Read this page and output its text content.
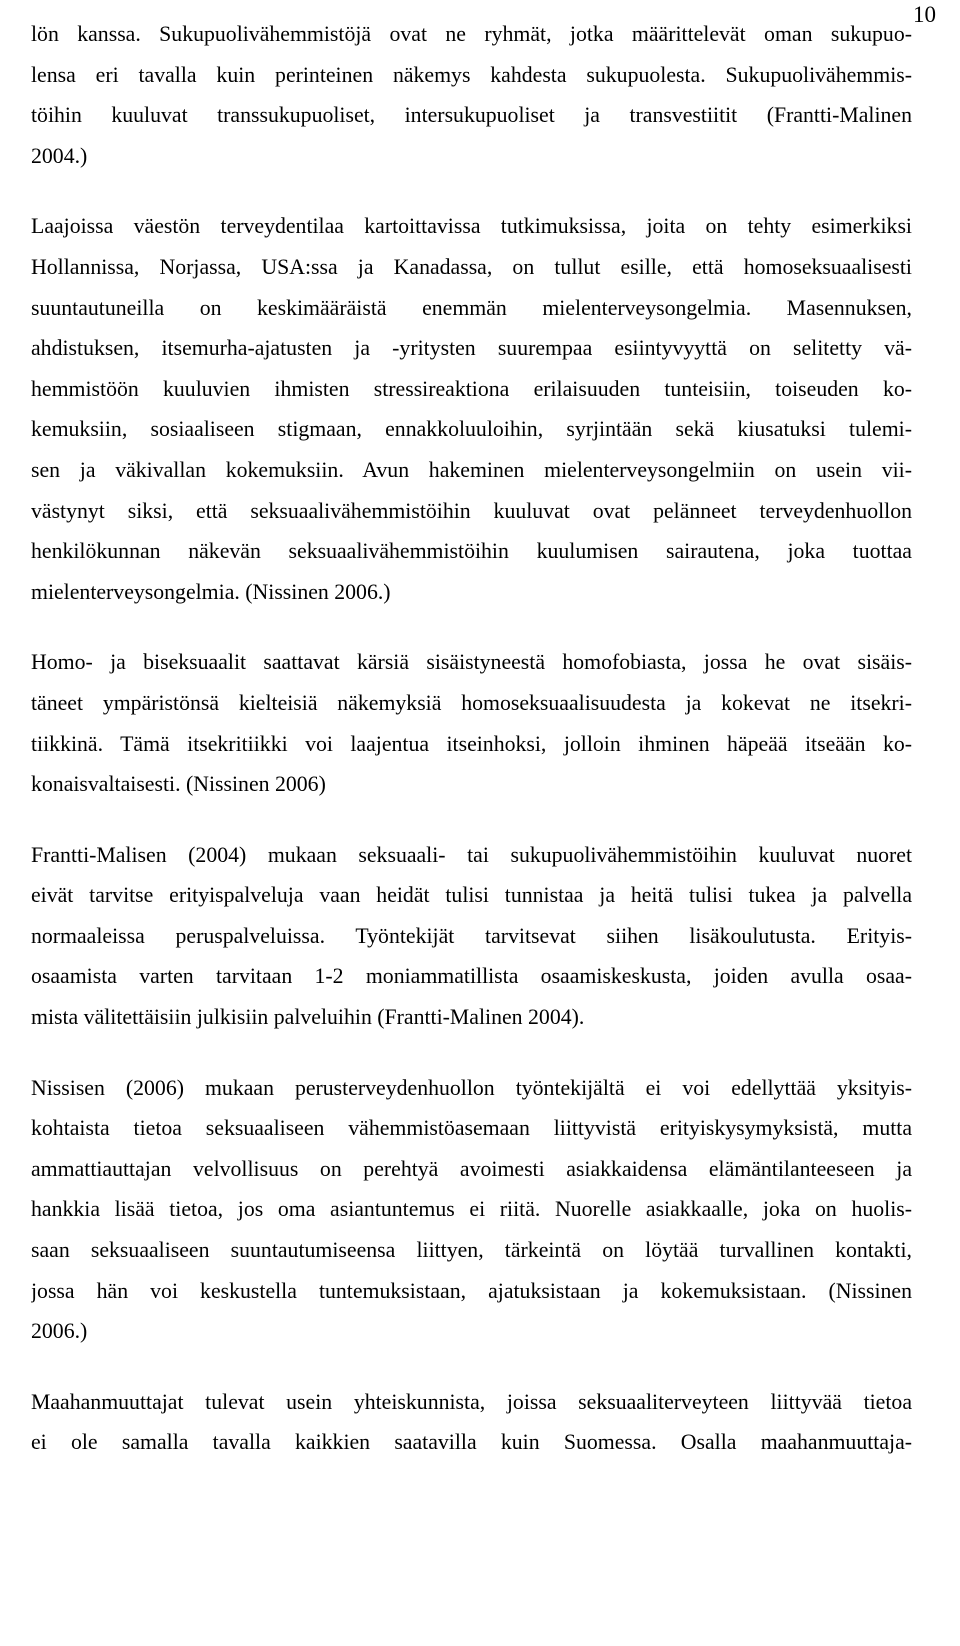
10

lön kanssa. Sukupuolivähemmistöjä ovat ne ryhmät, jotka määrittelevät oman sukupuo-
lensa eri tavalla kuin perinteinen näkemys kahdesta sukupuolesta. Sukupuolivähemmis-
töihin kuuluvat transsukupuoliset, intersukupuoliset ja transvestiitit (Frantti-Malinen
2004.)

Laajoissa väestön terveydentilaa kartoittavissa tutkimuksissa, joita on tehty esimerkiksi
Hollannissa, Norjassa, USA:ssa ja Kanadassa, on tullut esille, että homoseksuaalisesti
suuntautuneilla on keskimääräistä enemmän mielenterveysongelmia. Masennuksen,
ahdistuksen, itsemurha-ajatusten ja -yritysten suurempaa esiintyvyyttä on selitetty vä-
hemmistöön kuuluvien ihmisten stressireaktiona erilaisuuden tunteisiin, toiseuden ko-
kemuksiin, sosiaaliseen stigmaan, ennakkoluuloihin, syrjintään sekä kiusatuksi tulemi-
sen ja väkivallan kokemuksiin. Avun hakeminen mielenterveysongelmiin on usein vii-
västynyt siksi, että seksuaalivähemmistöihin kuuluvat ovat pelänneet terveydenhuollon
henkilökunnan näkevän seksuaalivähemmistöihin kuulumisen sairautena, joka tuottaa
mielenterveysongelmia. (Nissinen 2006.)

Homo- ja biseksuaalit saattavat kärsiä sisäistyneestä homofobiasta, jossa he ovat sisäis-
täneet ympäristönsä kielteisiä näkemyksiä homoseksuaalisuudesta ja kokevat ne itsekri-
tiikkinä. Tämä itsekritiikki voi laajentua itseinhoksi, jolloin ihminen häpeää itseään ko-
konaisvaltaisesti. (Nissinen 2006)

Frantti-Malisen (2004) mukaan seksuaali- tai sukupuolivähemmistöihin kuuluvat nuoret
eivät tarvitse erityispalveluja vaan heidät tulisi tunnistaa ja heitä tulisi tukea ja palvella
normaaleissa peruspalveluissa. Työntekijät tarvitsevat siihen lisäkoulutusta. Erityis-
osaamista varten tarvitaan 1-2 moniammatillista osaamiskeskusta, joiden avulla osaa-
mista välitettäisiin julkisiin palveluihin (Frantti-Malinen 2004).

Nissisen (2006) mukaan perusterveydenhuollon työntekijältä ei voi edellyttää yksityis-
kohtaista tietoa seksuaaliseen vähemmistöasemaan liittyvistä erityiskysymyksistä, mutta
ammattiauttajan velvollisuus on perehtyä avoimesti asiakkaidensa elämäntilanteeseen ja
hankkia lisää tietoa, jos oma asiantuntemus ei riitä. Nuorelle asiakkaalle, joka on huolis-
saan seksuaaliseen suuntautumiseensa liittyen, tärkeintä on löytää turvallinen kontakti,
jossa hän voi keskustella tuntemuksistaan, ajatuksistaan ja kokemuksistaan. (Nissinen
2006.)

Maahanmuuttajat tulevat usein yhteiskunnista, joissa seksuaaliterveyteen liittyvää tietoa
ei ole samalla tavalla kaikkien saatavilla kuin Suomessa. Osalla maahanmuuttaja-
